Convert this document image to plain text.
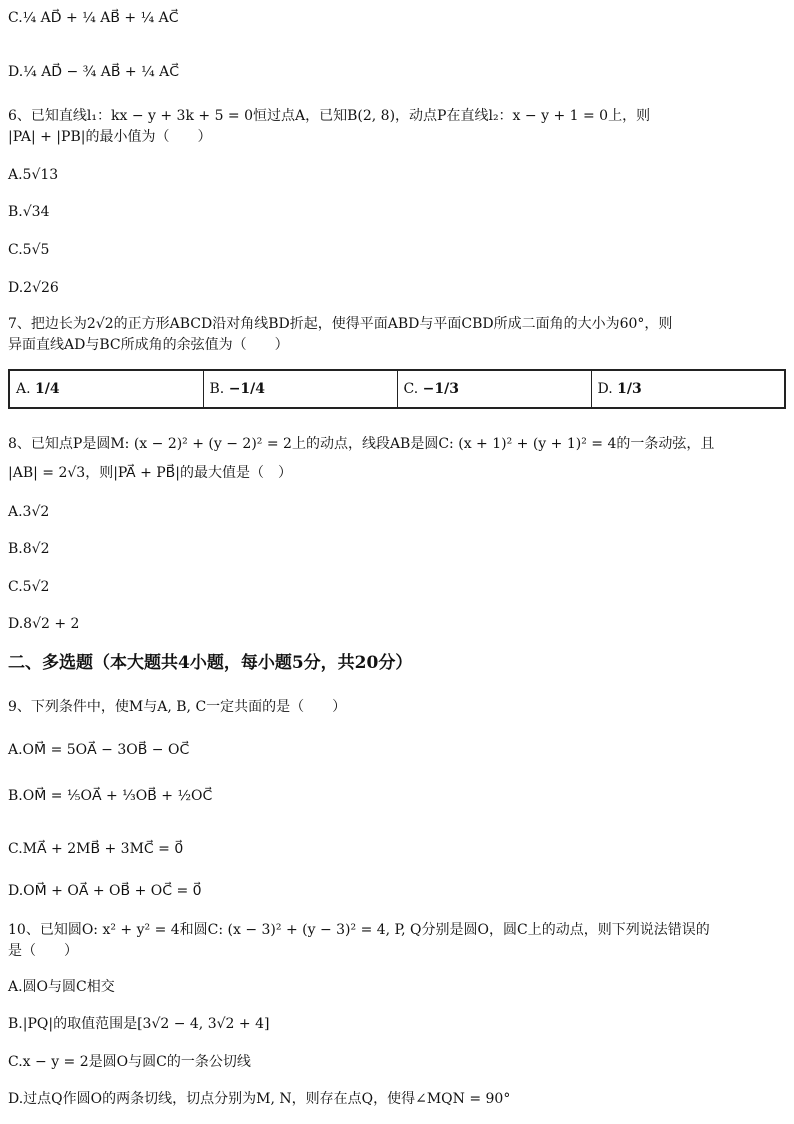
A. 1/4	B. −1/4	C. −1/3	D. 1/3
C.¼ AD⃗ + ¼ AB⃗ + ¼ AC⃗
D.¼ AD⃗ − ¾ AB⃗ + ¼ AC⃗
6、已知直线l₁：kx − y + 3k + 5 = 0恒过点A，已知B(2, 8)，动点P在直线l₂：x − y + 1 = 0上，则
|PA| + |PB|的最小值为（　　）
A.5√13
B.√34
C.5√5
D.2√26
7、把边长为2√2的正方形ABCD沿对角线BD折起，使得平面ABD与平面CBD所成二面角的大小为60°，则
异面直线AD与BC所成角的余弦值为（　　）
8、已知点P是圆M: (x − 2)² + (y − 2)² = 2上的动点，线段AB是圆C: (x + 1)² + (y + 1)² = 4的一条动弦，且
|AB| = 2√3，则|PA⃗ + PB⃗|的最大值是（　）
A.3√2
B.8√2
C.5√2
D.8√2 + 2
二、多选题（本大题共4小题，每小题5分，共20分）
9、下列条件中，使M与A, B, C一定共面的是（　　）
A.OM⃗ = 5OA⃗ − 3OB⃗ − OC⃗
B.OM⃗ = ⅕OA⃗ + ⅓OB⃗ + ½OC⃗
C.MA⃗ + 2MB⃗ + 3MC⃗ = 0⃗
D.OM⃗ + OA⃗ + OB⃗ + OC⃗ = 0⃗
10、已知圆O: x² + y² = 4和圆C: (x − 3)² + (y − 3)² = 4, P, Q分别是圆O，圆C上的动点，则下列说法错误的
是（　　）
A.圆O与圆C相交
B.|PQ|的取值范围是[3√2 − 4, 3√2 + 4]
C.x − y = 2是圆O与圆C的一条公切线
D.过点Q作圆O的两条切线，切点分别为M, N，则存在点Q，使得∠MQN = 90°
